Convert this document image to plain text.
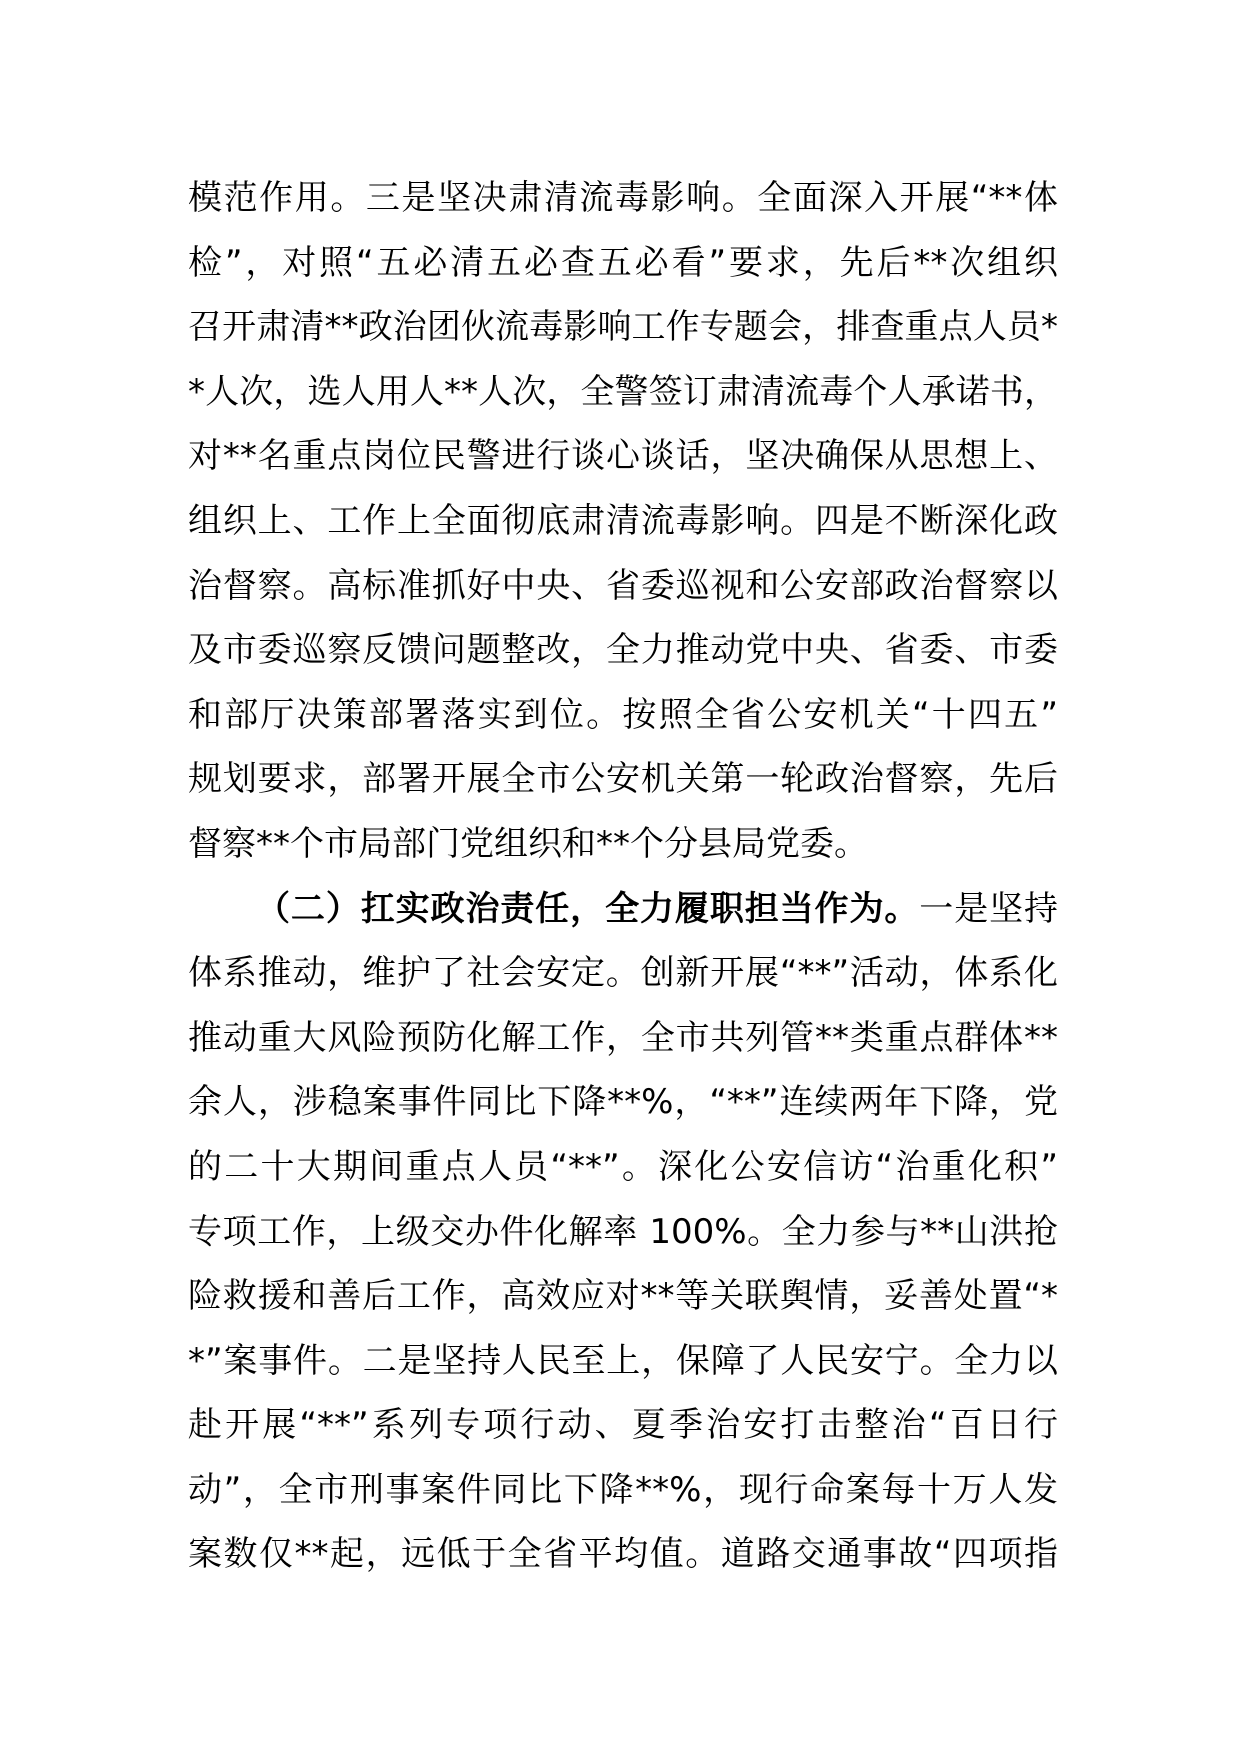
模范作用。三是坚决肃清流毒影响。全面深入开展“**体
检”，对照“五必清五必查五必看”要求，先后**次组织
召开肃清**政治团伙流毒影响工作专题会，排查重点人员*
*人次，选人用人**人次，全警签订肃清流毒个人承诺书，
对**名重点岗位民警进行谈心谈话，坚决确保从思想上、
组织上、工作上全面彻底肃清流毒影响。四是不断深化政
治督察。高标准抓好中央、省委巡视和公安部政治督察以
及市委巡察反馈问题整改，全力推动党中央、省委、市委
和部厅决策部署落实到位。按照全省公安机关“十四五”
规划要求，部署开展全市公安机关第一轮政治督察，先后
督察**个市局部门党组织和**个分县局党委。
（二）扛实政治责任，全力履职担当作为。一是坚持
体系推动，维护了社会安定。创新开展“**”活动，体系化
推动重大风险预防化解工作，全市共列管**类重点群体**
余人，涉稳案事件同比下降**%，“**”连续两年下降，党
的二十大期间重点人员“**”。深化公安信访“治重化积”
专项工作，上级交办件化解率 100%。全力参与**山洪抢
险救援和善后工作，高效应对**等关联舆情，妥善处置“*
*”案事件。二是坚持人民至上，保障了人民安宁。全力以
赴开展“**”系列专项行动、夏季治安打击整治“百日行
动”，全市刑事案件同比下降**%，现行命案每十万人发
案数仅**起，远低于全省平均值。道路交通事故“四项指
